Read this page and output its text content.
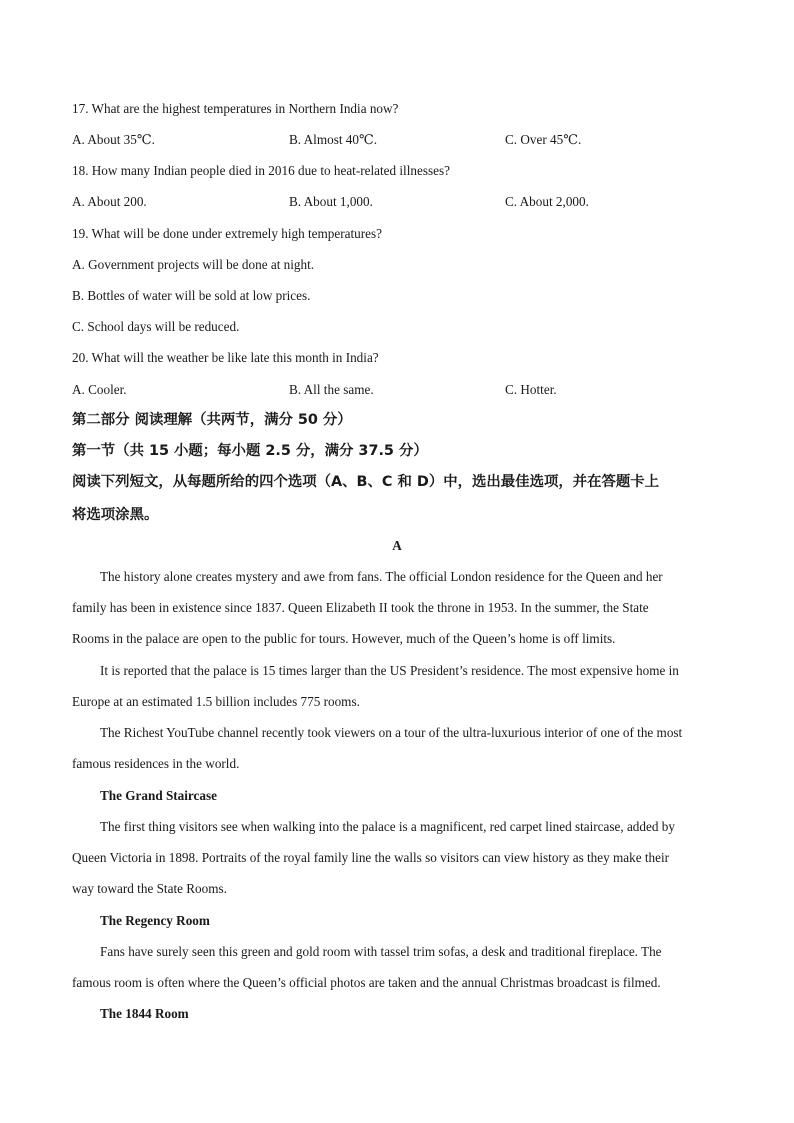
17. What are the highest temperatures in Northern India now?
A. About 35℃.	B. Almost 40℃.	C. Over 45℃.
18. How many Indian people died in 2016 due to heat-related illnesses?
A. About 200.	B. About 1,000.	C. About 2,000.
19. What will be done under extremely high temperatures?
A. Government projects will be done at night.
B. Bottles of water will be sold at low prices.
C. School days will be reduced.
20. What will the weather be like late this month in India?
A. Cooler.	B. All the same.	C. Hotter.
第二部分 阅读理解（共两节，满分 50 分）
第一节（共 15 小题；每小题 2.5 分，满分 37.5 分）
阅读下列短文，从每题所给的四个选项（A、B、C 和 D）中，选出最佳选项，并在答题卡上
将选项涂黑。
A
The history alone creates mystery and awe from fans. The official London residence for the Queen and her
family has been in existence since 1837. Queen Elizabeth II took the throne in 1953. In the summer, the State
Rooms in the palace are open to the public for tours. However, much of the Queen’s home is off limits.
It is reported that the palace is 15 times larger than the US President’s residence. The most expensive home in
Europe at an estimated 1.5 billion includes 775 rooms.
The Richest YouTube channel recently took viewers on a tour of the ultra-luxurious interior of one of the most
famous residences in the world.
The Grand Staircase
The first thing visitors see when walking into the palace is a magnificent, red carpet lined staircase, added by
Queen Victoria in 1898. Portraits of the royal family line the walls so visitors can view history as they make their
way toward the State Rooms.
The Regency Room
Fans have surely seen this green and gold room with tassel trim sofas, a desk and traditional fireplace. The
famous room is often where the Queen’s official photos are taken and the annual Christmas broadcast is filmed.
The 1844 Room
